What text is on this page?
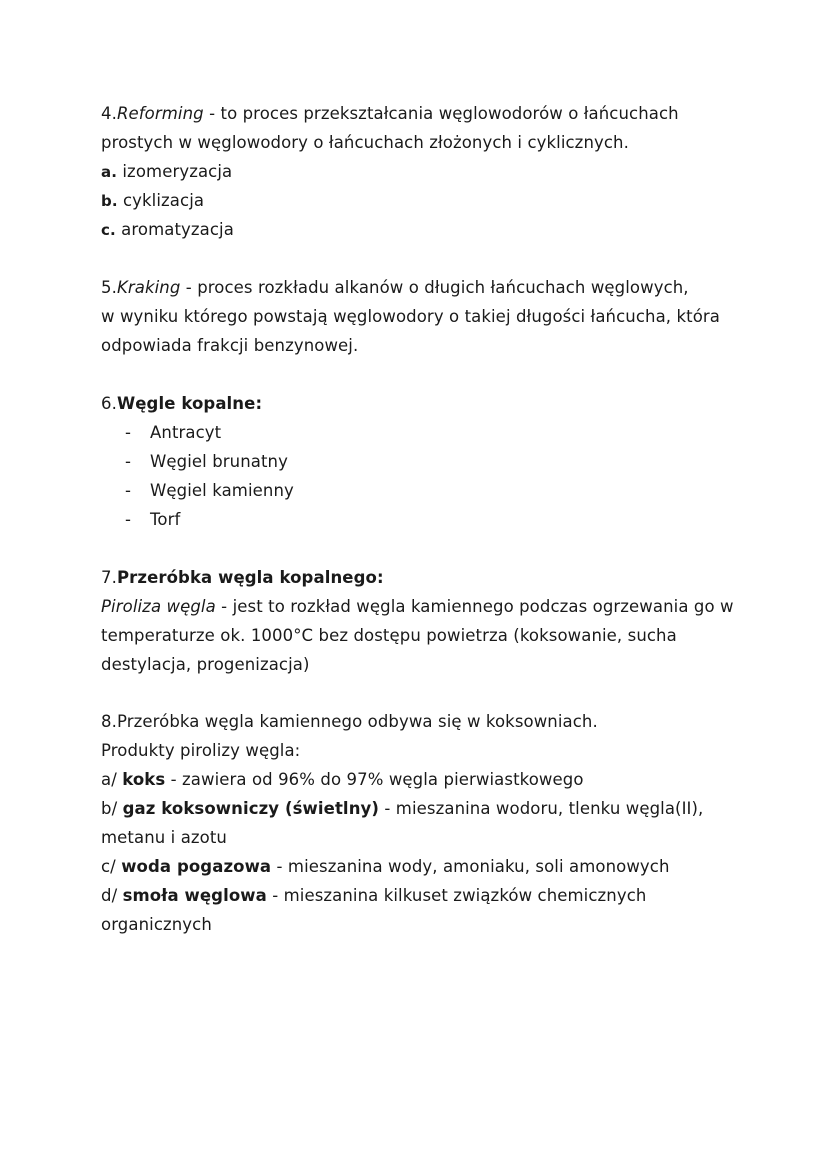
4.Reforming - to proces przekształcania węglowodorów o łańcuchach
prostych w węglowodory o łańcuchach złożonych i cyklicznych.
a. izomeryzacja
b. cyklizacja
c. aromatyzacja
5.Kraking - proces rozkładu alkanów o długich łańcuchach węglowych,
w wyniku którego powstają węglowodory o takiej długości łańcucha, która
odpowiada frakcji benzynowej.
6.Węgle kopalne:
- Antracyt
- Węgiel brunatny
- Węgiel kamienny
- Torf
7.Przeróbka węgla kopalnego:
Piroliza węgla - jest to rozkład węgla kamiennego podczas ogrzewania go w
temperaturze ok. 1000°C bez dostępu powietrza (koksowanie, sucha
destylacja, progenizacja)
8.Przeróbka węgla kamiennego odbywa się w koksowniach.
Produkty pirolizy węgla:
a/ koks - zawiera od 96% do 97% węgla pierwiastkowego
b/ gaz koksowniczy (świetlny) - mieszanina wodoru, tlenku węgla(II),
metanu i azotu
c/ woda pogazowa - mieszanina wody, amoniaku, soli amonowych
d/ smoła węglowa - mieszanina kilkuset związków chemicznych
organicznych
